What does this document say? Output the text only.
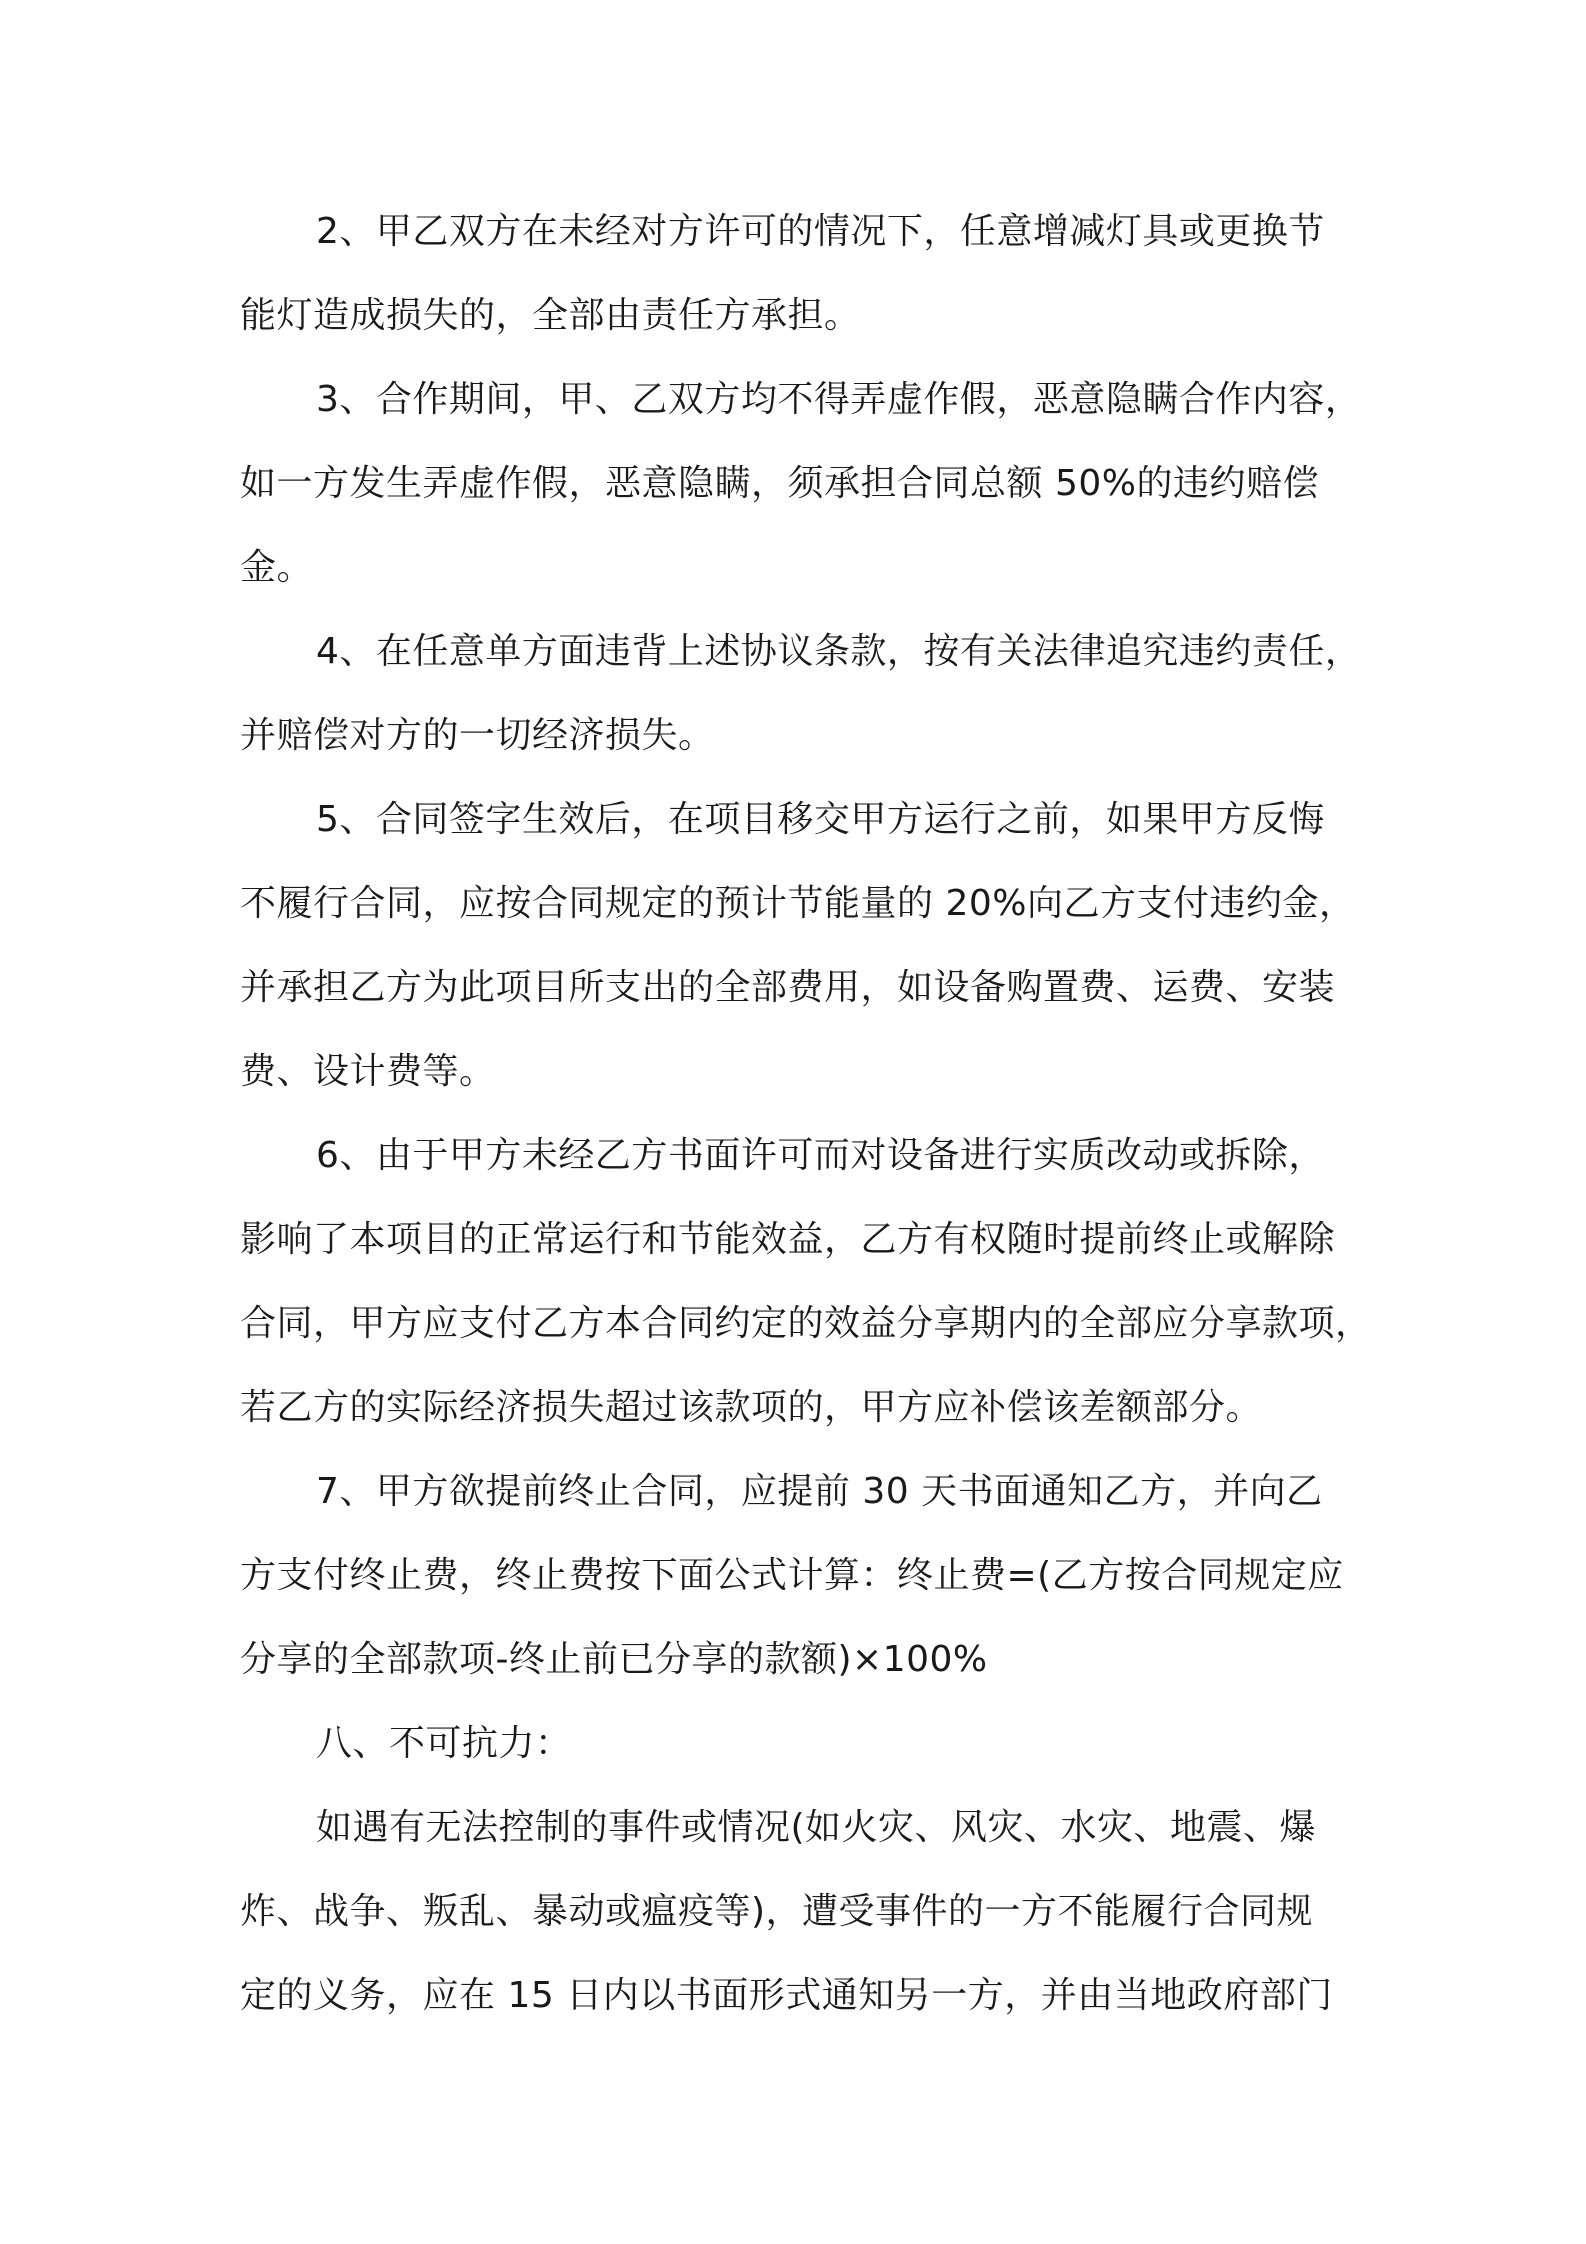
2、甲乙双方在未经对方许可的情况下，任意增减灯具或更换节
能灯造成损失的，全部由责任方承担。
3、合作期间，甲、乙双方均不得弄虚作假，恶意隐瞒合作内容，
如一方发生弄虚作假，恶意隐瞒，须承担合同总额 50%的违约赔偿
金。
4、在任意单方面违背上述协议条款，按有关法律追究违约责任，
并赔偿对方的一切经济损失。
5、合同签字生效后，在项目移交甲方运行之前，如果甲方反悔
不履行合同，应按合同规定的预计节能量的 20%向乙方支付违约金，
并承担乙方为此项目所支出的全部费用，如设备购置费、运费、安装
费、设计费等。
6、由于甲方未经乙方书面许可而对设备进行实质改动或拆除，
影响了本项目的正常运行和节能效益，乙方有权随时提前终止或解除
合同，甲方应支付乙方本合同约定的效益分享期内的全部应分享款项，
若乙方的实际经济损失超过该款项的，甲方应补偿该差额部分。
7、甲方欲提前终止合同，应提前 30 天书面通知乙方，并向乙
方支付终止费，终止费按下面公式计算：终止费=(乙方按合同规定应
分享的全部款项-终止前已分享的款额)×100%
八、不可抗力：
如遇有无法控制的事件或情况(如火灾、风灾、水灾、地震、爆
炸、战争、叛乱、暴动或瘟疫等)，遭受事件的一方不能履行合同规
定的义务，应在 15 日内以书面形式通知另一方，并由当地政府部门
